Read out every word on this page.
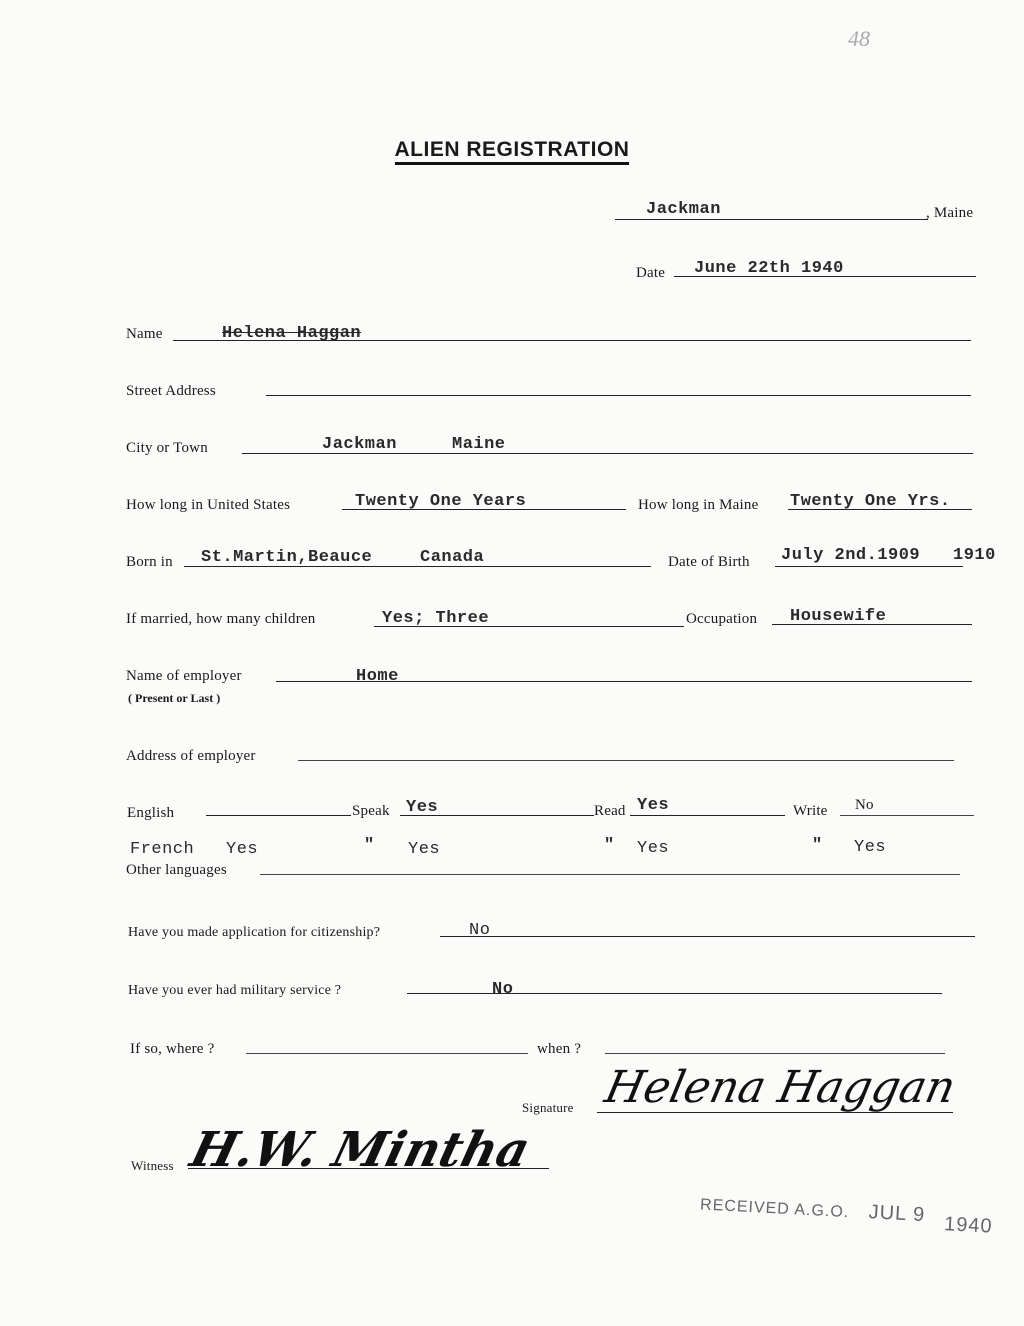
48
ALIEN REGISTRATION
Jackman	, Maine
Date June 22th 1940
Name	Helena Haggan
Street Address
City or Town	Jackman	Maine
How long in United States	Twenty One Years	How long in Maine Twenty One Yrs.
Born in St.Martin,Beauce	Canada	Date of Birth July 2nd.1909 1910
If married, how many children	Yes; Three	Occupation Housewife
Name of employer	Home
( Present or Last )
Address of employer
English	Speak Yes	Read Yes	Write No
French Yes	" Yes	" Yes	" Yes
Other languages
Have you made application for citizenship?	No
Have you ever had military service ?	No
If so, where ?	when ?
Signature Helena Haggan
Witness H.W. Mintha
RECEIVED A.G.O. JUL 9 1940
